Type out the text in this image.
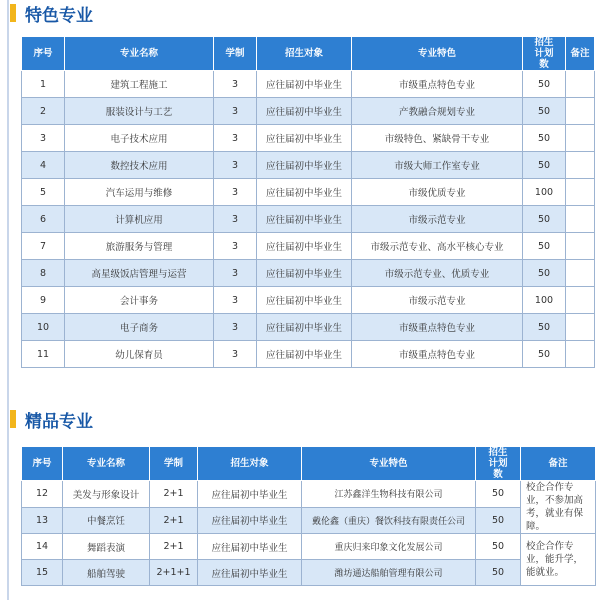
特色专业
序号	专业名称	学制	招生对象	专业特色	招生计划数	备注
1	建筑工程施工	3	应往届初中毕业生	市级重点特色专业	50	
2	服装设计与工艺	3	应往届初中毕业生	产教融合规划专业	50	
3	电子技术应用	3	应往届初中毕业生	市级特色、紧缺骨干专业	50	
4	数控技术应用	3	应往届初中毕业生	市级大师工作室专业	50	
5	汽车运用与维修	3	应往届初中毕业生	市级优质专业	100	
6	计算机应用	3	应往届初中毕业生	市级示范专业	50	
7	旅游服务与管理	3	应往届初中毕业生	市级示范专业、高水平核心专业	50	
8	高星级饭店管理与运营	3	应往届初中毕业生	市级示范专业、优质专业	50	
9	会计事务	3	应往届初中毕业生	市级示范专业	100	
10	电子商务	3	应往届初中毕业生	市级重点特色专业	50	
11	幼儿保育员	3	应往届初中毕业生	市级重点特色专业	50	
精品专业
序号	专业名称	学制	招生对象	专业特色	招生计划数	备注
12	美发与形象设计	2+1	应往届初中毕业生	江苏鑫洋生物科技有限公司	50	校企合作专业，不参加高考，就业有保障。
13	中餐烹饪	2+1	应往届初中毕业生	戴伦鑫（重庆）餐饮科技有限责任公司	50	
14	舞蹈表演	2+1	应往届初中毕业生	重庆归来印象文化发展公司	50	校企合作专业，能升学，能就业。
15	船舶驾驶	2+1+1	应往届初中毕业生	潍坊通达船舶管理有限公司	50	
